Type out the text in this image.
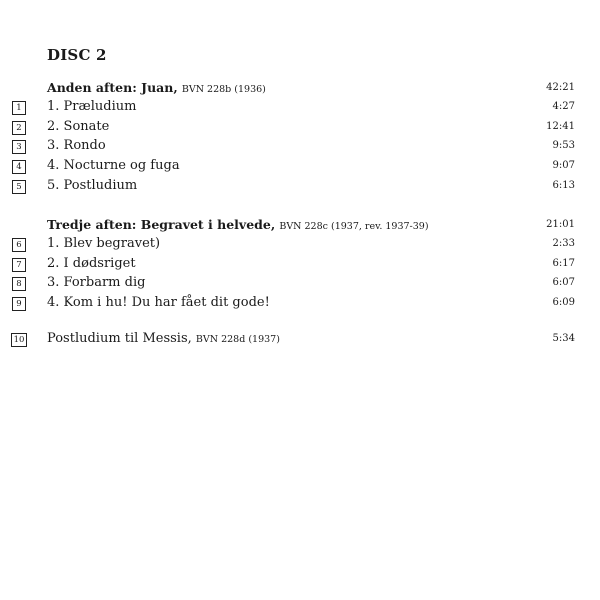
DISC 2
Anden aften: Juan, BVN 228b (1936)	42:21
1	1. Præludium	4:27
2	2. Sonate	12:41
3	3. Rondo	9:53
4	4. Nocturne og fuga	9:07
5	5. Postludium	6:13
Tredje aften: Begravet i helvede, BVN 228c (1937, rev. 1937-39)	21:01
6	1. Blev begravet)	2:33
7	2. I dødsriget	6:17
8	3. Forbarm dig	6:07
9	4. Kom i hu! Du har fået dit gode!	6:09
10 Postludium til Messis, BVN 228d (1937)	5:34
